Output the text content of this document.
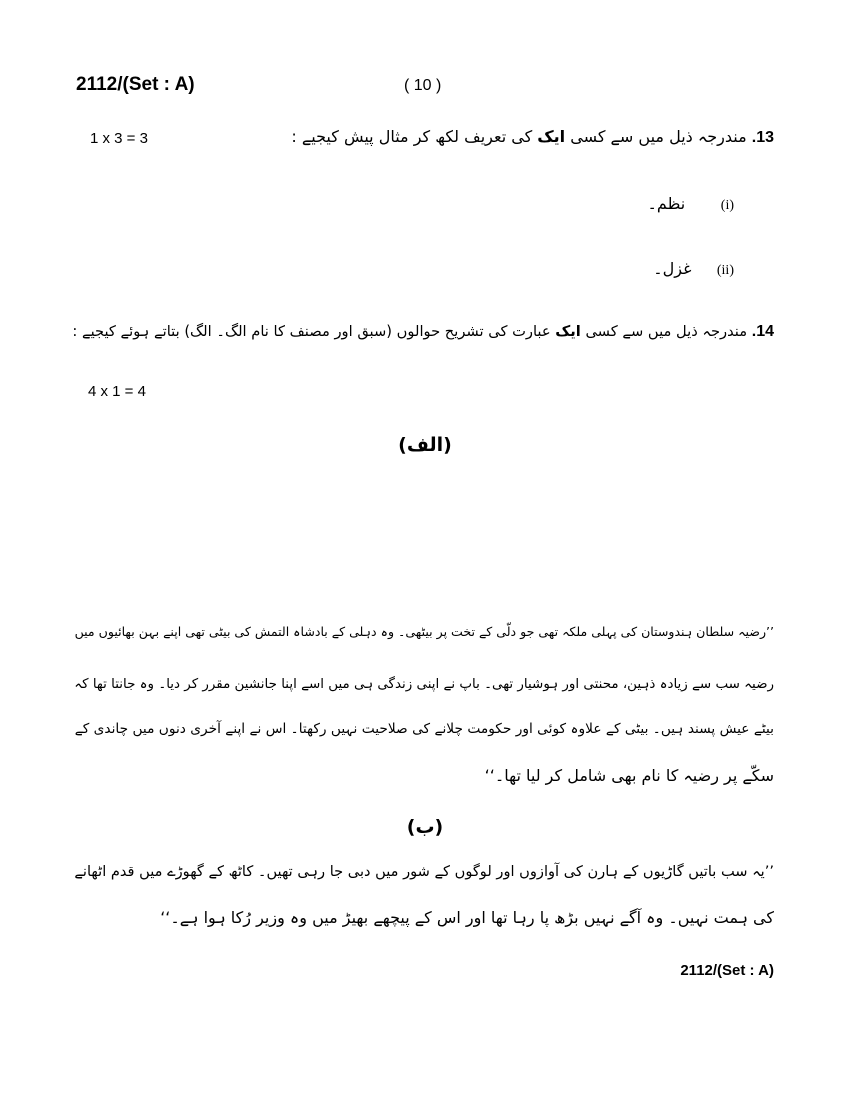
2112/(Set : A)	( 10 )
1 x 3 = 3	.13 مندرجہ ذیل میں سے کسی ایک کی تعریف لکھ کر مثال پیش کیجیے :
(i)       نظم۔
(ii)     غزل۔
.14 مندرجہ ذیل میں سے کسی ایک عبارت کی تشریح حوالوں (سبق اور مصنف کا نام الگ۔ الگ) بتاتے ہوئے کیجیے :
4 x 1 = 4
(الف)
’’رضیہ سلطان ہندوستان کی پہلی ملکہ تھی جو دلّی کے تخت پر بیٹھی۔ وہ دہلی کے بادشاہ التمش کی بیٹی تھی اپنے بہن بھائیوں میں
رضیہ سب سے زیادہ ذہین، محنتی اور ہوشیار تھی۔ باپ نے اپنی زندگی ہی میں اسے اپنا جانشین مقرر کر دیا۔ وہ جانتا تھا کہ
بیٹے عیش پسند ہیں۔ بیٹی کے علاوہ کوئی اور حکومت چلانے کی صلاحیت نہیں رکھتا۔ اس نے اپنے آخری دنوں میں چاندی کے
سکّے پر رضیہ کا نام بھی شامل کر لیا تھا۔‘‘
(ب)
’’یہ سب باتیں گاڑیوں کے ہارن کی آوازوں اور لوگوں کے شور میں دبی جا رہی تھیں۔ کاٹھ کے گھوڑے میں قدم اٹھانے
کی ہمت نہیں۔ وہ آگے نہیں بڑھ پا رہا تھا اور اس کے پیچھے بھیڑ میں وہ وزیر رُکا ہوا ہے۔‘‘
2112/(Set : A)
